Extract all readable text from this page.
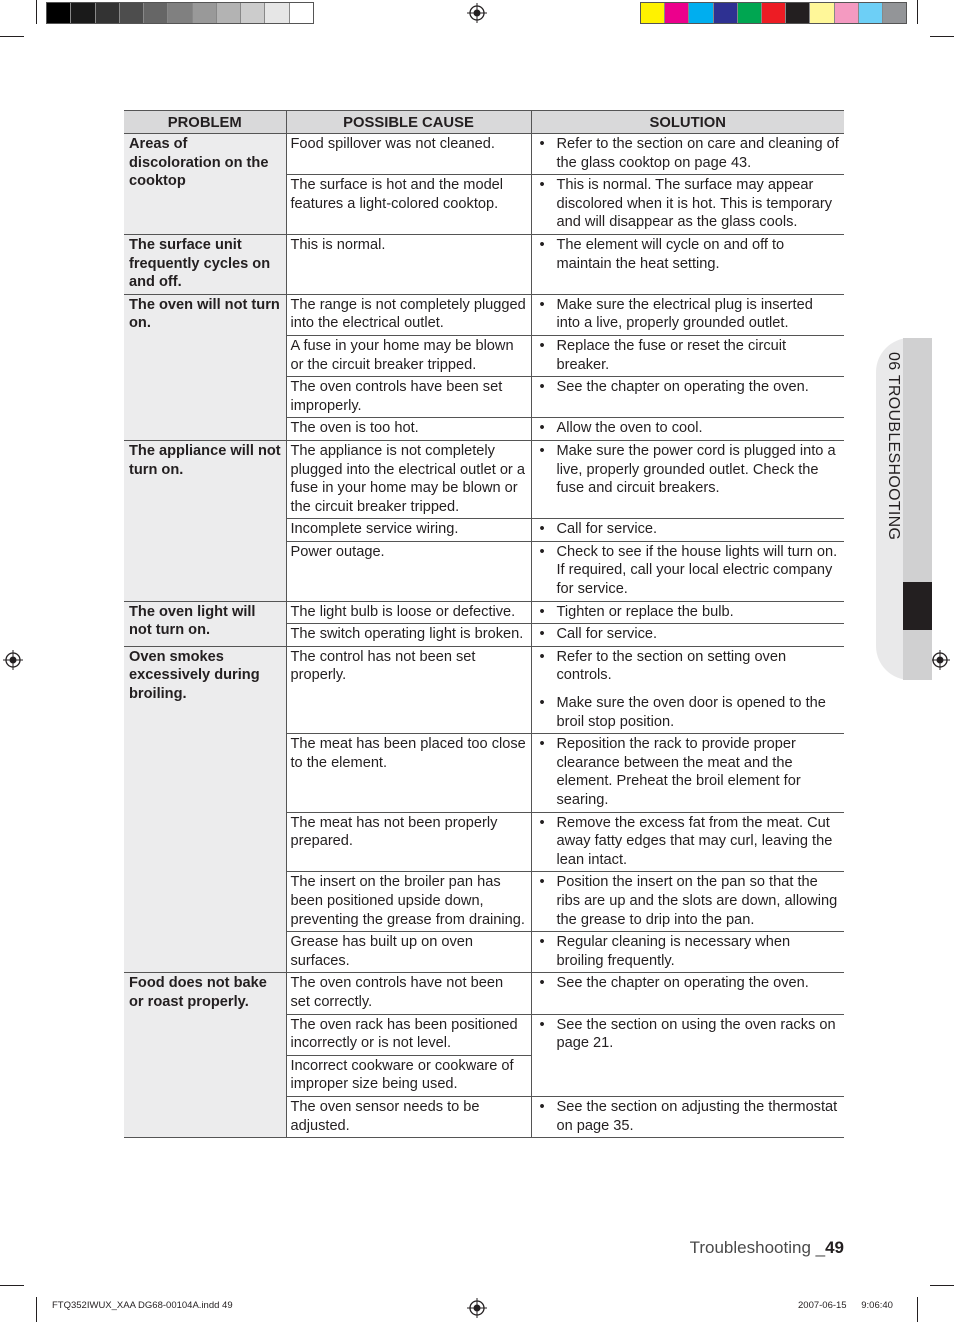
PROBLEM	POSSIBLE CAUSE	SOLUTION
Areas of discoloration on the cooktop	Food spillover was not cleaned.	• Refer to the section on care and cleaning of the glass cooktop on page 43.

	The surface is hot and the model features a light-colored cooktop.	• This is normal. The surface may appear discolored when it is hot. This is temporary and will disappear as the glass cools.

The surface unit frequently cycles on and off.	This is normal.	• The element will cycle on and off to maintain the heat setting.

The oven will not turn on.	The range is not completely plugged into the electrical outlet.	• Make sure the electrical plug is inserted into a live, properly grounded outlet.

	A fuse in your home may be blown or the circuit breaker tripped.	• Replace the fuse or reset the circuit breaker.

	The oven controls have been set improperly.	• See the chapter on operating the oven.

	The oven is too hot.	• Allow the oven to cool.

The appliance will not turn on.	The appliance is not completely plugged into the electrical outlet or a fuse in your home may be blown or the circuit breaker tripped.	• Make sure the power cord is plugged into a live, properly grounded outlet. Check the fuse and circuit breakers.

	Incomplete service wiring.	• Call for service.

	Power outage.	• Check to see if the house lights will turn on. If required, call your local electric company for service.

The oven light will not turn on.	The light bulb is loose or defective.	• Tighten or replace the bulb.

	The switch operating light is broken.	• Call for service.

Oven smokes excessively during broiling.	The control has not been set properly.	• Refer to the section on setting oven controls.
• Make sure the oven door is opened to the broil stop position.

	The meat has been placed too close to the element.	• Reposition the rack to provide proper clearance between the meat and the element. Preheat the broil element for searing.

	The meat has not been properly prepared.	• Remove the excess fat from the meat. Cut away fatty edges that may curl, leaving the lean intact.

	The insert on the broiler pan has been positioned upside down, preventing the grease from draining.	• Position the insert on the pan so that the ribs are up and the slots are down, allowing the grease to drip into the pan.

	Grease has built up on oven surfaces.	• Regular cleaning is necessary when broiling frequently.

Food does not bake or roast properly.	The oven controls have not been set correctly.	• See the chapter on operating the oven.

	The oven rack has been positioned incorrectly or is not level.	• See the section on using the oven racks on page 21.

	Incorrect cookware or cookware of improper size being used.	
	The oven sensor needs to be adjusted.	• See the section on adjusting the thermostat on page 35.
06 TROUBLESHOOTING
Troubleshooting _49
FTQ352IWUX_XAA DG68-00104A.indd 49	2007-06-15 9:06:40
